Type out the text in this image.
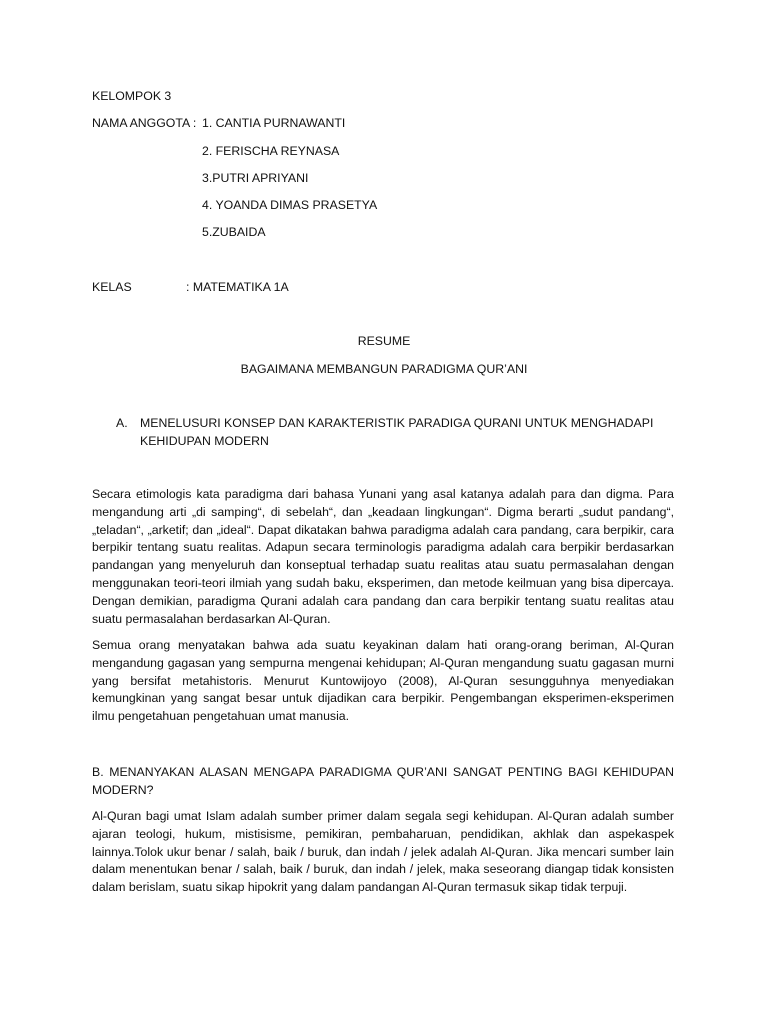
KELOMPOK 3
NAMA ANGGOTA : 1. CANTIA PURNAWANTI
2. FERISCHA REYNASA
3.PUTRI APRIYANI
4. YOANDA DIMAS PRASETYA
5.ZUBAIDA
KELAS	: MATEMATIKA 1A
RESUME
BAGAIMANA MEMBANGUN PARADIGMA QUR’ANI
A. MENELUSURI KONSEP DAN KARAKTERISTIK PARADIGA QURANI UNTUK MENGHADAPI
KEHIDUPAN MODERN
Secara etimologis kata paradigma dari bahasa Yunani yang asal katanya adalah para dan digma. Para mengandung arti „di samping“, di sebelah“, dan „keadaan lingkungan“. Digma berarti „sudut pandang“, „teladan“, „arketif; dan „ideal“. Dapat dikatakan bahwa paradigma adalah cara pandang, cara berpikir, cara berpikir tentang suatu realitas. Adapun secara terminologis paradigma adalah cara berpikir berdasarkan pandangan yang menyeluruh dan konseptual terhadap suatu realitas atau suatu permasalahan dengan menggunakan teori-teori ilmiah yang sudah baku, eksperimen, dan metode keilmuan yang bisa dipercaya. Dengan demikian, paradigma Qurani adalah cara pandang dan cara berpikir tentang suatu realitas atau suatu permasalahan berdasarkan Al-Quran.
Semua orang menyatakan bahwa ada suatu keyakinan dalam hati orang-orang beriman, Al-Quran mengandung gagasan yang sempurna mengenai kehidupan; Al-Quran mengandung suatu gagasan murni yang bersifat metahistoris. Menurut Kuntowijoyo (2008), Al-Quran sesungguhnya menyediakan kemungkinan yang sangat besar untuk dijadikan cara berpikir. Pengembangan eksperimen-eksperimen ilmu pengetahuan pengetahuan umat manusia.
B. MENANYAKAN ALASAN MENGAPA PARADIGMA QUR’ANI SANGAT PENTING BAGI KEHIDUPAN MODERN?
Al-Quran bagi umat Islam adalah sumber primer dalam segala segi kehidupan. Al-Quran adalah sumber ajaran teologi, hukum, mistisisme, pemikiran, pembaharuan, pendidikan, akhlak dan aspekaspek lainnya.Tolok ukur benar / salah, baik / buruk, dan indah / jelek adalah Al-Quran. Jika mencari sumber lain dalam menentukan benar / salah, baik / buruk, dan indah / jelek, maka seseorang diangap tidak konsisten dalam berislam, suatu sikap hipokrit yang dalam pandangan Al-Quran termasuk sikap tidak terpuji.
